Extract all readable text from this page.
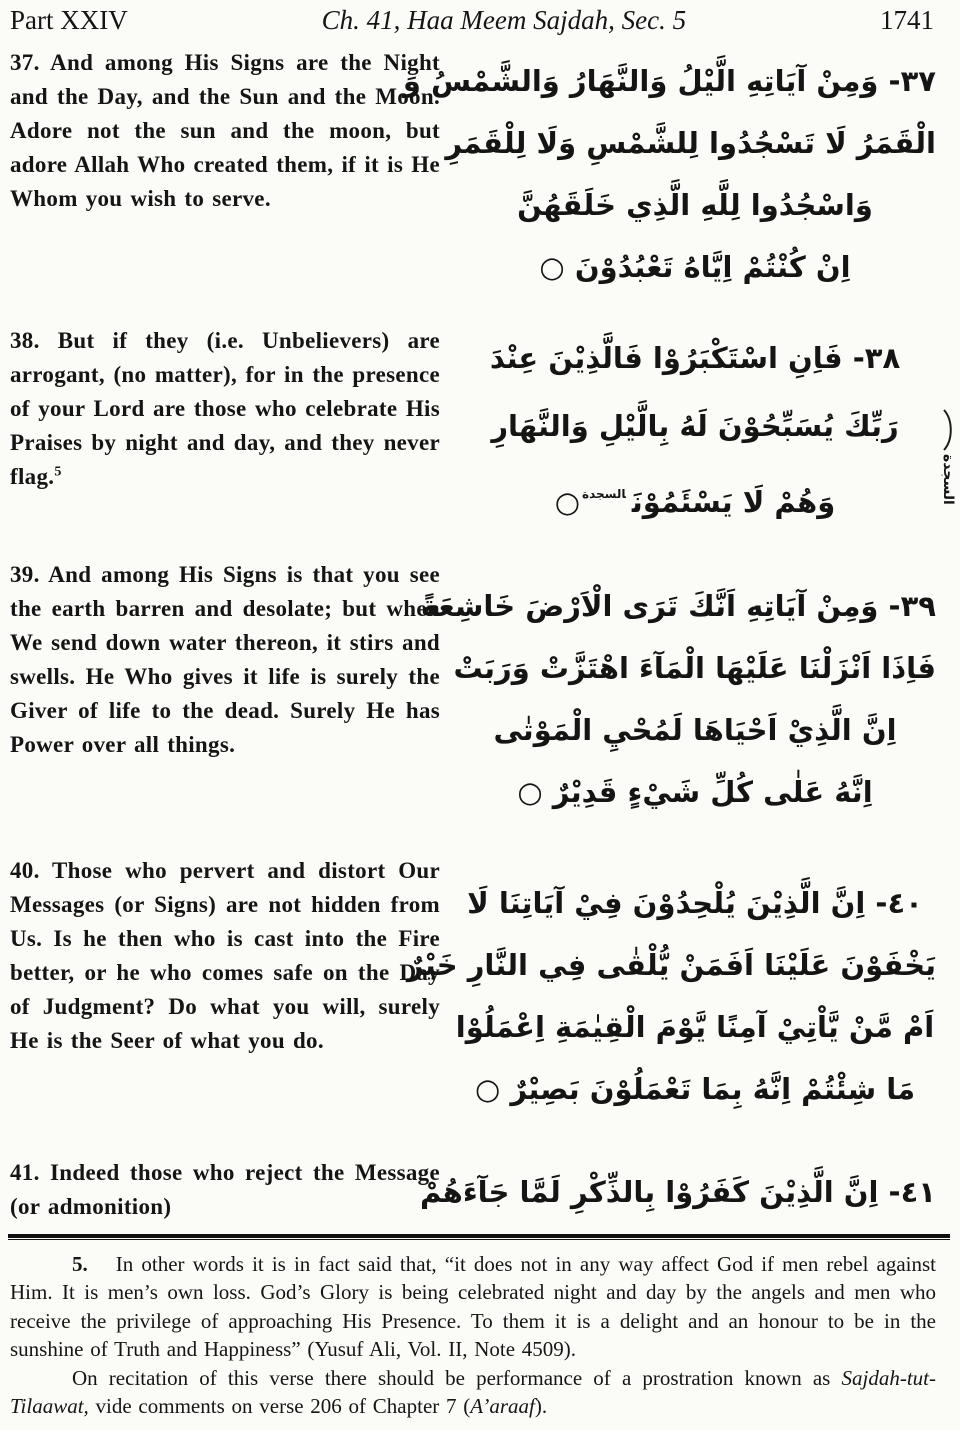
Part XXIV	Ch. 41, Haa Meem Sajdah, Sec. 5	1741

37. And among His Signs are the Night and the Day, and the Sun and the Moon. Adore not the sun and the moon, but adore Allah Who created them, if it is He Whom you wish to serve.

٣٧- وَمِنْ آيَاتِهِ الَّيْلُ وَالنَّهَارُ وَالشَّمْسُ وَ
الْقَمَرُ لَا تَسْجُدُوا لِلشَّمْسِ وَلَا لِلْقَمَرِ
وَاسْجُدُوا لِلَّهِ الَّذِي خَلَقَهُنَّ
اِنْ كُنْتُمْ اِيَّاهُ تَعْبُدُوْنَ ○

38. But if they (i.e. Unbelievers) are arrogant, (no matter), for in the presence of your Lord are those who celebrate His Praises by night and day, and they never flag.$^5$

٣٨- فَاِنِ اسْتَكْبَرُوْا فَالَّذِيْنَ عِنْدَ
رَبِّكَ يُسَبِّحُوْنَ لَهُ بِالَّيْلِ وَالنَّهَارِ
وَهُمْ لَا يَسْئَمُوْنَ$^{السجدة}$○

39. And among His Signs is that you see the earth barren and desolate; but when We send down water thereon, it stirs and swells. He Who gives it life is surely the Giver of life to the dead. Surely He has Power over all things.

٣٩- وَمِنْ آيَاتِهِ اَنَّكَ تَرَى الْاَرْضَ خَاشِعَةً
فَاِذَا اَنْزَلْنَا عَلَيْهَا الْمَآءَ اهْتَزَّتْ وَرَبَتْ
اِنَّ الَّذِيْ اَحْيَاهَا لَمُحْيِ الْمَوْتٰى
اِنَّهُ عَلٰى كُلِّ شَيْءٍ قَدِيْرٌ ○

40. Those who pervert and distort Our Messages (or Signs) are not hidden from Us. Is he then who is cast into the Fire better, or he who comes safe on the Day of Judgment? Do what you will, surely He is the Seer of what you do.

٤٠- اِنَّ الَّذِيْنَ يُلْحِدُوْنَ فِيْ آيَاتِنَا لَا
يَخْفَوْنَ عَلَيْنَا اَفَمَنْ يُّلْقٰى فِي النَّارِ خَيْرٌ
اَمْ مَّنْ يَّاْتِيْ آمِنًا يَّوْمَ الْقِيٰمَةِ اِعْمَلُوْا
مَا شِئْتُمْ اِنَّهُ بِمَا تَعْمَلُوْنَ بَصِيْرٌ ○

41. Indeed those who reject the Message (or admonition)	٤١- اِنَّ الَّذِيْنَ كَفَرُوْا بِالذِّكْرِ لَمَّا جَآءَهُمْ
السجدة

5. In other words it is in fact said that, “it does not in any way affect God if men rebel against Him. It is men’s own loss. God’s Glory is being celebrated night and day by the angels and men who receive the privilege of approaching His Presence. To them it is a delight and an honour to be in the sunshine of Truth and Happiness” (Yusuf Ali, Vol. II, Note 4509).

On recitation of this verse there should be performance of a prostration known as Sajdah-tut-Tilaawat, vide comments on verse 206 of Chapter 7 (A’araaf).
